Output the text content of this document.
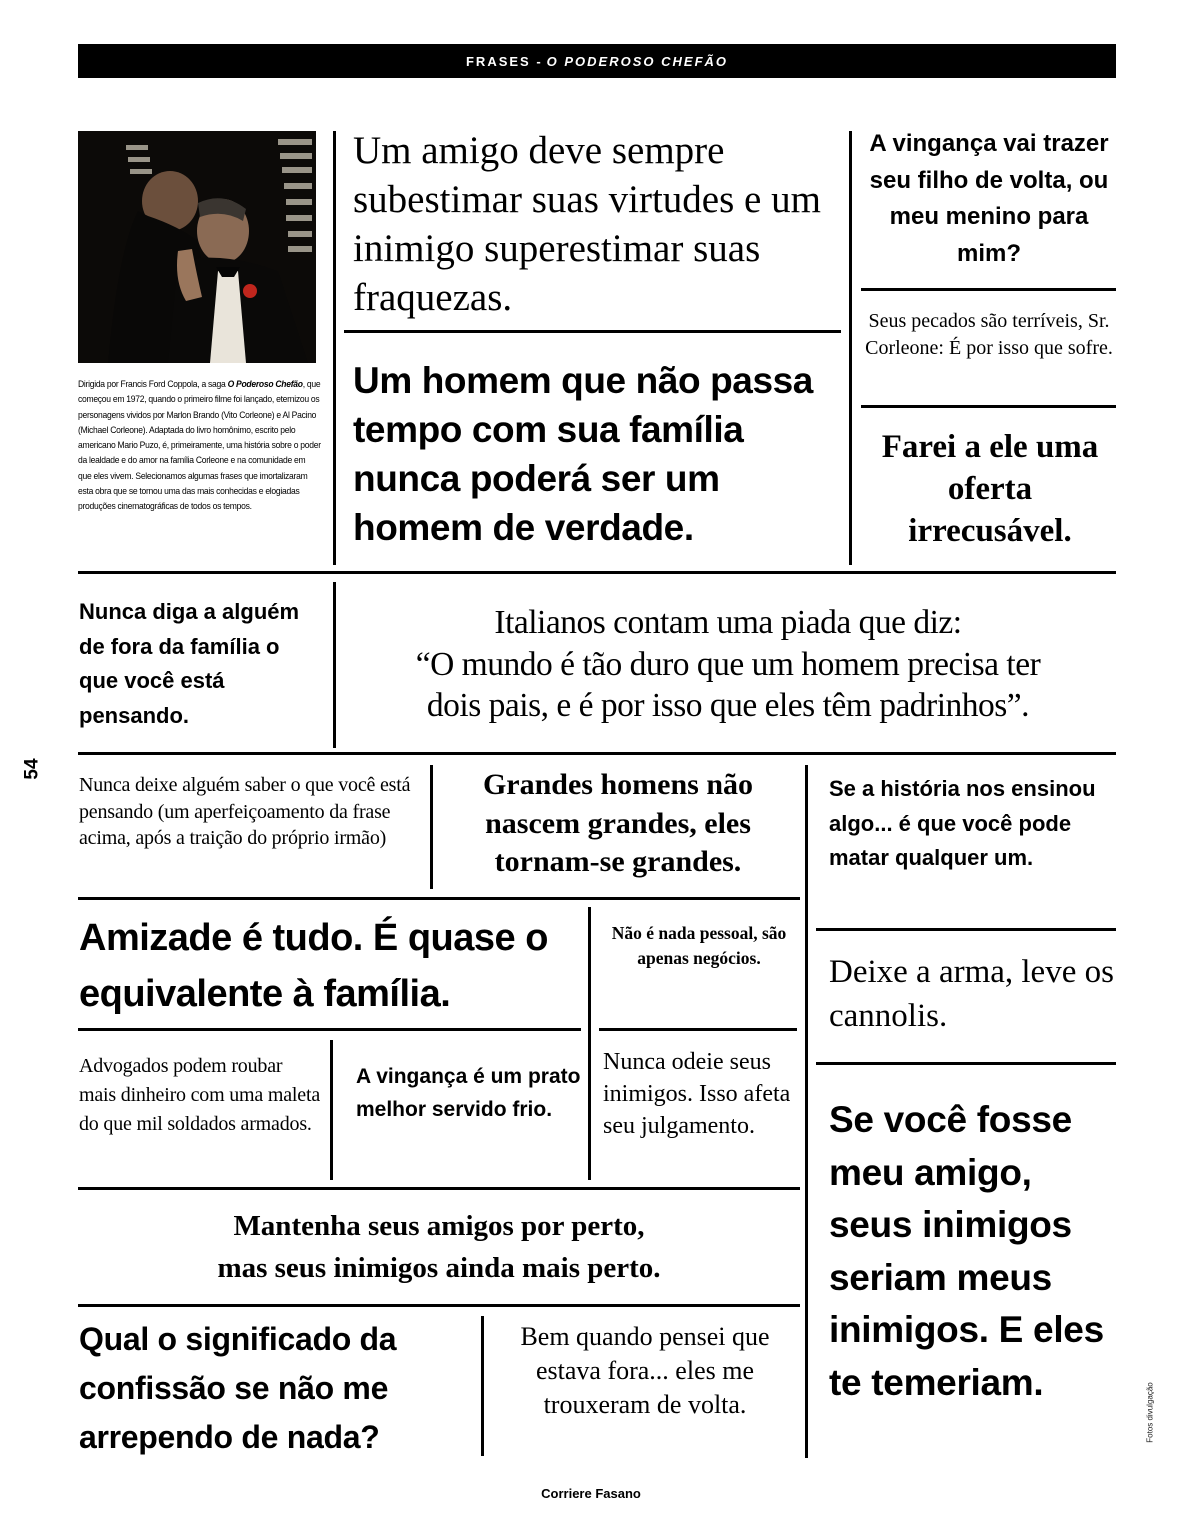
FRASES - O PODEROSO CHEFÃO
Dirigida por Francis Ford Coppola, a saga O Poderoso Chefão, que começou em 1972, quando o primeiro filme foi lançado, eternizou os personagens vividos por Marlon Brando (Vito Corleone) e Al Pacino (Michael Corleone). Adaptada do livro homônimo, escrito pelo americano Mario Puzo, é, primeiramente, uma história sobre o poder da lealdade e do amor na família Corleone e na comunidade em que eles vivem. Selecionamos algumas frases que imortalizaram esta obra que se tornou uma das mais conhecidas e elogiadas produções cinematográficas de todos os tempos.
54
Fotos divulgação
Um amigo deve sempre subestimar suas virtudes e um inimigo superestimar suas fraquezas.
Um homem que não passa tempo com sua família nunca poderá ser um homem de verdade.
A vingança vai trazer seu filho de volta, ou meu menino para mim?
Seus pecados são terríveis, Sr. Corleone: É por isso que sofre.
Farei a ele uma oferta irrecusável.
Nunca diga a alguém de fora da família o que você está pensando.
Italianos contam uma piada que diz:
“O mundo é tão duro que um homem precisa ter
dois pais, e é por isso que eles têm padrinhos”.
Nunca deixe alguém saber o que você está pensando (um aperfeiçoamento da frase acima, após a traição do próprio irmão)
Grandes homens não nascem grandes, eles tornam-se grandes.
Se a história nos ensinou algo... é que você pode matar qualquer um.
Amizade é tudo. É quase o equivalente à família.
Não é nada pessoal, são apenas negócios.	Deixe a arma, leve os cannolis.
Advogados podem roubar mais dinheiro com uma maleta do que mil soldados armados.
A vingança é um prato melhor servido frio.
Nunca odeie seus inimigos. Isso afeta seu julgamento.
Mantenha seus amigos por perto,
mas seus inimigos ainda mais perto.
Se você fosse meu amigo, seus inimigos seriam meus inimigos. E eles te temeriam.
Qual o significado da confissão se não me arrependo de nada?
Bem quando pensei que estava fora... eles me trouxeram de volta.
Corriere Fasano
